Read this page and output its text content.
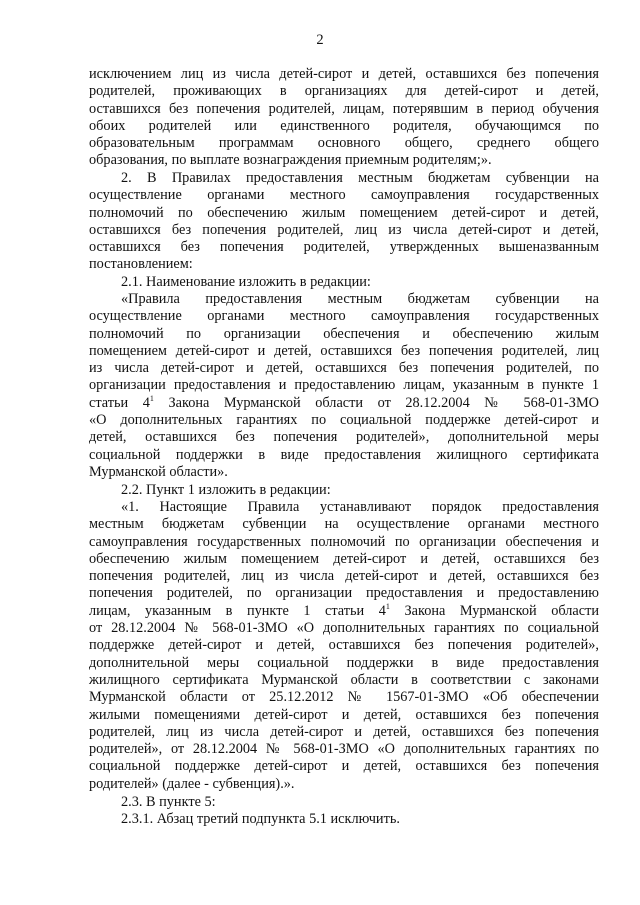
2
исключением лиц из числа детей-сирот и детей, оставшихся без попечения
родителей, проживающих в организациях для детей-сирот и детей,
оставшихся без попечения родителей, лицам, потерявшим в период обучения
обоих родителей или единственного родителя, обучающимся по
образовательным программам основного общего, среднего общего
образования, по выплате вознаграждения приемным родителям;».
2. В Правилах предоставления местным бюджетам субвенции на
осуществление органами местного самоуправления государственных
полномочий по обеспечению жилым помещением детей-сирот и детей,
оставшихся без попечения родителей, лиц из числа детей-сирот и детей,
оставшихся без попечения родителей, утвержденных вышеназванным
постановлением:
2.1. Наименование изложить в редакции:
«Правила предоставления местным бюджетам субвенции на
осуществление органами местного самоуправления государственных
полномочий по организации обеспечения и обеспечению жилым
помещением детей-сирот и детей, оставшихся без попечения родителей, лиц
из числа детей-сирот и детей, оставшихся без попечения родителей, по
организации предоставления и предоставлению лицам, указанным в пункте 1
статьи $4^1$ Закона Мурманской области от 28.12.2004 № 568-01-ЗМО
«О дополнительных гарантиях по социальной поддержке детей-сирот и
детей, оставшихся без попечения родителей», дополнительной меры
социальной поддержки в виде предоставления жилищного сертификата
Мурманской области».
2.2. Пункт 1 изложить в редакции:
«1. Настоящие Правила устанавливают порядок предоставления
местным бюджетам субвенции на осуществление органами местного
самоуправления государственных полномочий по организации обеспечения и
обеспечению жилым помещением детей-сирот и детей, оставшихся без
попечения родителей, лиц из числа детей-сирот и детей, оставшихся без
попечения родителей, по организации предоставления и предоставлению
лицам, указанным в пункте 1 статьи $4^1$ Закона Мурманской области
от 28.12.2004 № 568-01-ЗМО «О дополнительных гарантиях по социальной
поддержке детей-сирот и детей, оставшихся без попечения родителей»,
дополнительной меры социальной поддержки в виде предоставления
жилищного сертификата Мурманской области в соответствии с законами
Мурманской области от 25.12.2012 № 1567-01-ЗМО «Об обеспечении
жилыми помещениями детей-сирот и детей, оставшихся без попечения
родителей, лиц из числа детей-сирот и детей, оставшихся без попечения
родителей», от 28.12.2004 № 568-01-ЗМО «О дополнительных гарантиях по
социальной поддержке детей-сирот и детей, оставшихся без попечения
родителей» (далее - субвенция).».
2.3. В пункте 5:
2.3.1. Абзац третий подпункта 5.1 исключить.
